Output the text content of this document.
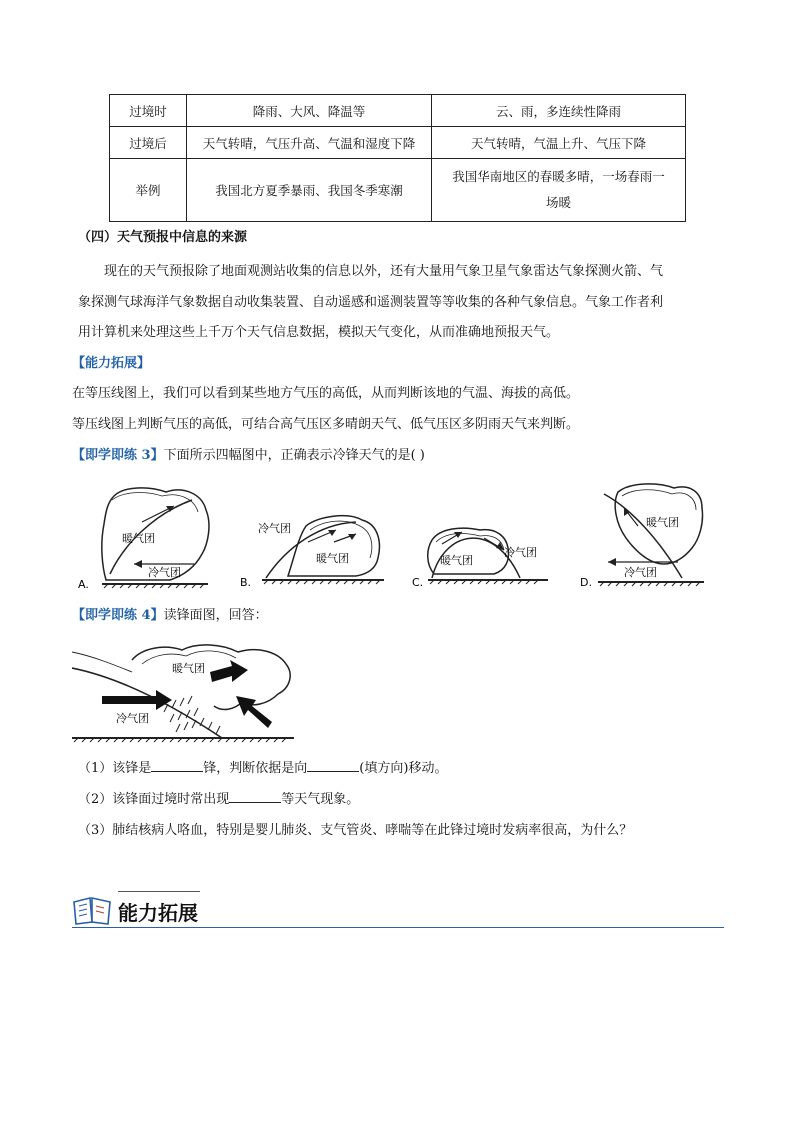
过境时	降雨、大风、降温等	云、雨，多连续性降雨
过境后	天气转晴，气压升高、气温和湿度下降	天气转晴，气温上升、气压下降
举例	我国北方夏季暴雨、我国冬季寒潮	我国华南地区的春暖多晴，一场春雨一
场暖
（四）天气预报中信息的来源
现在的天气预报除了地面观测站收集的信息以外，还有大量用气象卫星气象雷达气象探测火箭、气
象探测气球海洋气象数据自动收集装置、自动遥感和遥测装置等等收集的各种气象信息。气象工作者利
用计算机来处理这些上千万个天气信息数据，模拟天气变化，从而准确地预报天气。
【能力拓展】
在等压线图上，我们可以看到某些地方气压的高低，从而判断该地的气温、海拔的高低。
等压线图上判断气压的高低，可结合高气压区多晴朗天气、低气压区多阴雨天气来判断。
【即学即练 3】下面所示四幅图中，正确表示冷锋天气的是( )
暖气团
冷气团
A.
冷气团
暖气团
B.
暖气团
冷气团
C.
暖气团
冷气团
D.
【即学即练 4】读锋面图，回答：
暖气团
冷气团
（1）该锋是	锋，判断依据是向	(填方向)移动。
（2）该锋面过境时常出现	等天气现象。
（3）肺结核病人咯血，特别是婴儿肺炎、支气管炎、哮喘等在此锋过境时发病率很高，为什么？
能力拓展
